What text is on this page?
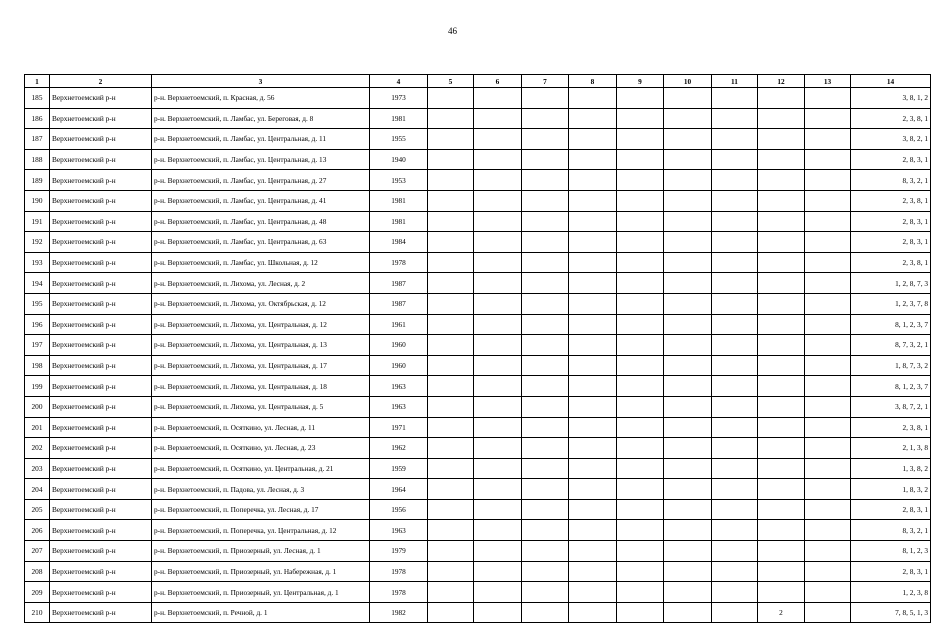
46
1	2	3	4	5	6	7	8	9	10	11	12	13	14
185	Верхнетоемский р-н	р-н. Верхнетоемский, п. Красная, д. 56	1973										3, 8, 1, 2
186	Верхнетоемский р-н	р-н. Верхнетоемский, п. Ламбас, ул. Береговая, д. 8	1981										2, 3, 8, 1
187	Верхнетоемский р-н	р-н. Верхнетоемский, п. Ламбас, ул. Центральная, д. 11	1955										3, 8, 2, 1
188	Верхнетоемский р-н	р-н. Верхнетоемский, п. Ламбас, ул. Центральная, д. 13	1940										2, 8, 3, 1
189	Верхнетоемский р-н	р-н. Верхнетоемский, п. Ламбас, ул. Центральная, д. 27	1953										8, 3, 2, 1
190	Верхнетоемский р-н	р-н. Верхнетоемский, п. Ламбас, ул. Центральная, д. 41	1981										2, 3, 8, 1
191	Верхнетоемский р-н	р-н. Верхнетоемский, п. Ламбас, ул. Центральная, д. 48	1981										2, 8, 3, 1
192	Верхнетоемский р-н	р-н. Верхнетоемский, п. Ламбас, ул. Центральная, д. 63	1984										2, 8, 3, 1
193	Верхнетоемский р-н	р-н. Верхнетоемский, п. Ламбас, ул. Школьная, д. 12	1978										2, 3, 8, 1
194	Верхнетоемский р-н	р-н. Верхнетоемский, п. Лихома, ул. Лесная, д. 2	1987										1, 2, 8, 7, 3
195	Верхнетоемский р-н	р-н. Верхнетоемский, п. Лихома, ул. Октябрьская, д. 12	1987										1, 2, 3, 7, 8
196	Верхнетоемский р-н	р-н. Верхнетоемский, п. Лихома, ул. Центральная, д. 12	1961										8, 1, 2, 3, 7
197	Верхнетоемский р-н	р-н. Верхнетоемский, п. Лихома, ул. Центральная, д. 13	1960										8, 7, 3, 2, 1
198	Верхнетоемский р-н	р-н. Верхнетоемский, п. Лихома, ул. Центральная, д. 17	1960										1, 8, 7, 3, 2
199	Верхнетоемский р-н	р-н. Верхнетоемский, п. Лихома, ул. Центральная, д. 18	1963										8, 1, 2, 3, 7
200	Верхнетоемский р-н	р-н. Верхнетоемский, п. Лихома, ул. Центральная, д. 5	1963										3, 8, 7, 2, 1
201	Верхнетоемский р-н	р-н. Верхнетоемский, п. Осяткино, ул. Лесная, д. 11	1971										2, 3, 8, 1
202	Верхнетоемский р-н	р-н. Верхнетоемский, п. Осяткино, ул. Лесная, д. 23	1962										2, 1, 3, 8
203	Верхнетоемский р-н	р-н. Верхнетоемский, п. Осяткино, ул. Центральная, д. 21	1959										1, 3, 8, 2
204	Верхнетоемский р-н	р-н. Верхнетоемский, п. Падова, ул. Лесная, д. 3	1964										1, 8, 3, 2
205	Верхнетоемский р-н	р-н. Верхнетоемский, п. Поперечка, ул. Лесная, д. 17	1956										2, 8, 3, 1
206	Верхнетоемский р-н	р-н. Верхнетоемский, п. Поперечка, ул. Центральная, д. 12	1963										8, 3, 2, 1
207	Верхнетоемский р-н	р-н. Верхнетоемский, п. Приозерный, ул. Лесная, д. 1	1979										8, 1, 2, 3
208	Верхнетоемский р-н	р-н. Верхнетоемский, п. Приозерный, ул. Набережная, д. 1	1978										2, 8, 3, 1
209	Верхнетоемский р-н	р-н. Верхнетоемский, п. Приозерный, ул. Центральная, д. 1	1978										1, 2, 3, 8
210	Верхнетоемский р-н	р-н. Верхнетоемский, п. Речной, д. 1	1982								2		7, 8, 5, 1, 3
